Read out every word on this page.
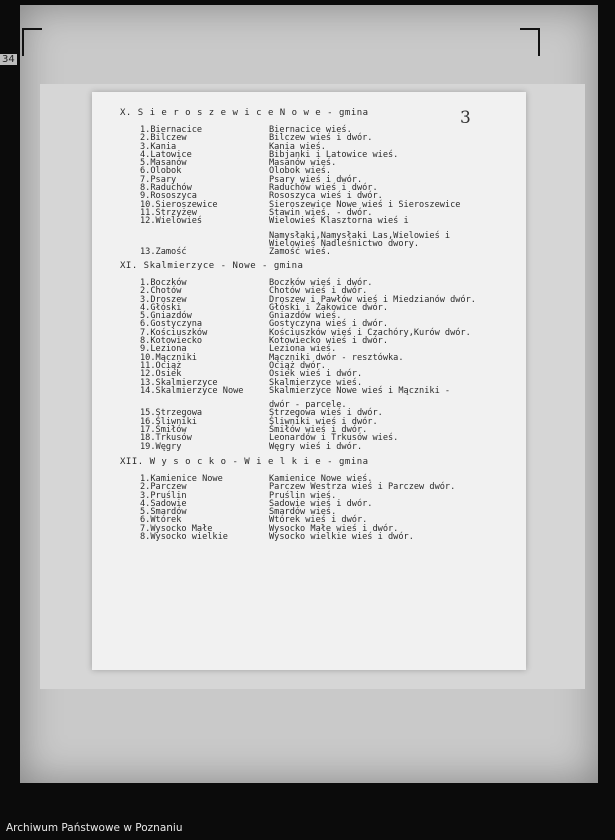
34
3
X. S i e r o s z e w i c e N o w e - gmina
1.Biernacice	Biernacice wieś.
2.Bilczew	Bilczew wieś i dwór.
3.Kania	Kania wieś.
4.Latowice	Bibjanki i Latowice wieś.
5.Masanów	Masanów wieś.
6.Olobok	Olobok wieś.
7.Psary	Psary wieś i dwór.
8.Raduchów	Raduchów wieś i dwór.
9.Rososzyca	Rososzyca wieś i dwór.
10.Sieroszewice	Sieroszewice Nowe wieś i Sieroszewice
11.Strzyżew	Stawin wieś. - dwór.
12.Wielowieś	Wielowieś Klasztorna wieś i
Namysłaki,Namysłaki Las,Wielowieś i
Wielowieś Nadleśnictwo dwory.
13.Zamość	Zamość wieś.
XI. Skalmierzyce - Nowe - gmina
1.Boczków	Boczków wieś i dwór.
2.Chotów	Chotów wieś i dwór.
3.Droszew	Droszew i Pawłów wieś i Miedzianów dwór.
4.Głóski	Głóski i Żakowice dwór.
5.Gniazdów	Gniazdów wieś.
6.Gostyczyna	Gostyczyna wieś i dwór.
7.Kościuszków	Kościuszków wieś i Czachóry,Kurów dwór.
8.Kotowiecko	Kotowiecko wieś i dwór.
9.Leziona	Leziona wieś.
10.Mączniki	Mączniki dwór - resztówka.
11.Ociąż	Ociąż dwór.
12.Osiek	Osiek wieś i dwór.
13.Skalmierzyce	Skalmierzyce wieś.
14.Skalmierzyce Nowe	Skalmierzyce Nowe wieś i Mączniki -
dwór - parcele.
15.Strzegowa	Strzegowa wieś i dwór.
16.Śliwniki	Śliwniki wieś i dwór.
17.Śmiłów	Śmiłów wieś i dwór.
18.Trkusów	Leonardów i Trkusów wieś.
19.Węgry	Węgry wieś i dwór.
XII. W y s o c k o - W i e l k i e - gmina
1.Kamienice Nowe	Kamienice Nowe wieś.
2.Parczew	Parczew Westrza wieś i Parczew dwór.
3.Pruślin	Pruślin wieś.
4.Sadowie	Sadowie wieś i dwór.
5.Smardów	Smardów wieś.
6.Wtórek	Wtórek wieś i dwór.
7.Wysocko Małe	Wysocko Małe wieś i dwór.
8.Wysocko wielkie	Wysocko wielkie wieś i dwór.
Archiwum Państwowe w Poznaniu
